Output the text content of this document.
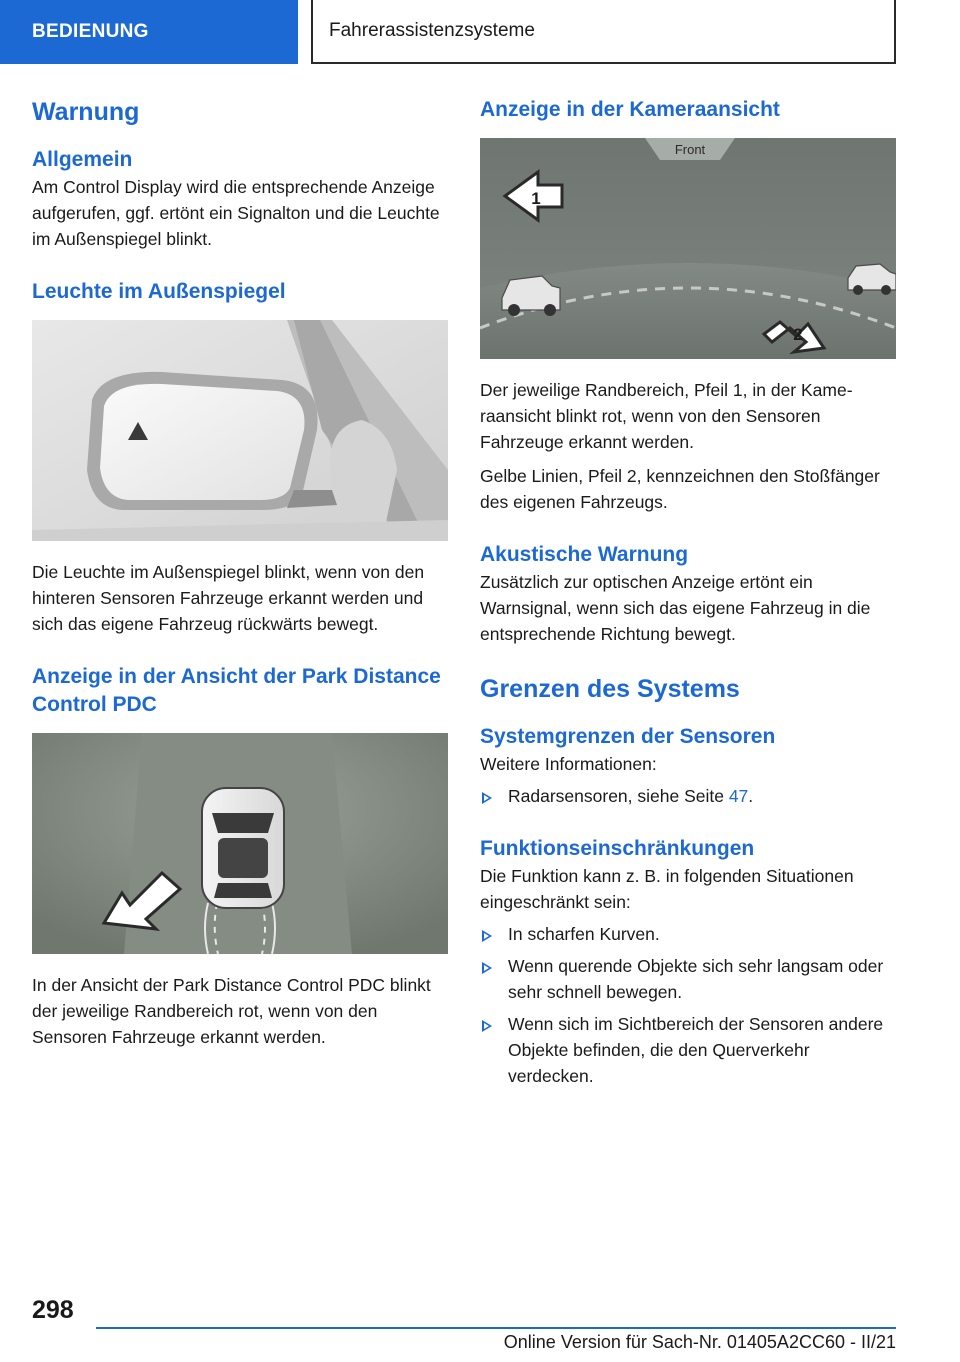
BEDIENUNG	Fahrerassistenzsysteme
Warnung
Allgemein

Am Control Display wird die entsprechende Anzeige aufgerufen, ggf. ertönt ein Signalton und die Leuchte im Außenspiegel blinkt.

Leuchte im Außenspiegel

Die Leuchte im Außenspiegel blinkt, wenn von den hinteren Sensoren Fahrzeuge erkannt werden und sich das eigene Fahrzeug rückwärts bewegt.

Anzeige in der Ansicht der Park Distance Control PDC

In der Ansicht der Park Distance Control PDC blinkt der jeweilige Randbereich rot, wenn von den Sensoren Fahrzeuge erkannt werden.

Anzeige in der Kameraansicht
Front
1
2

Der jeweilige Randbereich, Pfeil 1, in der Kameraansicht blinkt rot, wenn von den Sensoren Fahrzeuge erkannt werden.

Gelbe Linien, Pfeil 2, kennzeichnen den Stoßfänger des eigenen Fahrzeugs.

Akustische Warnung

Zusätzlich zur optischen Anzeige ertönt ein Warnsignal, wenn sich das eigene Fahrzeug in die entsprechende Richtung bewegt.

Grenzen des Systems
Systemgrenzen der Sensoren

Weitere Informationen:

Radarsensoren, siehe Seite 47.
Funktionseinschränkungen

Die Funktion kann z. B. in folgenden Situationen eingeschränkt sein:

In scharfen Kurven.
Wenn querende Objekte sich sehr langsam oder sehr schnell bewegen.
Wenn sich im Sichtbereich der Sensoren andere Objekte befinden, die den Querverkehr verdecken.
298
Online Version für Sach-Nr. 01405A2CC60 - II/21
